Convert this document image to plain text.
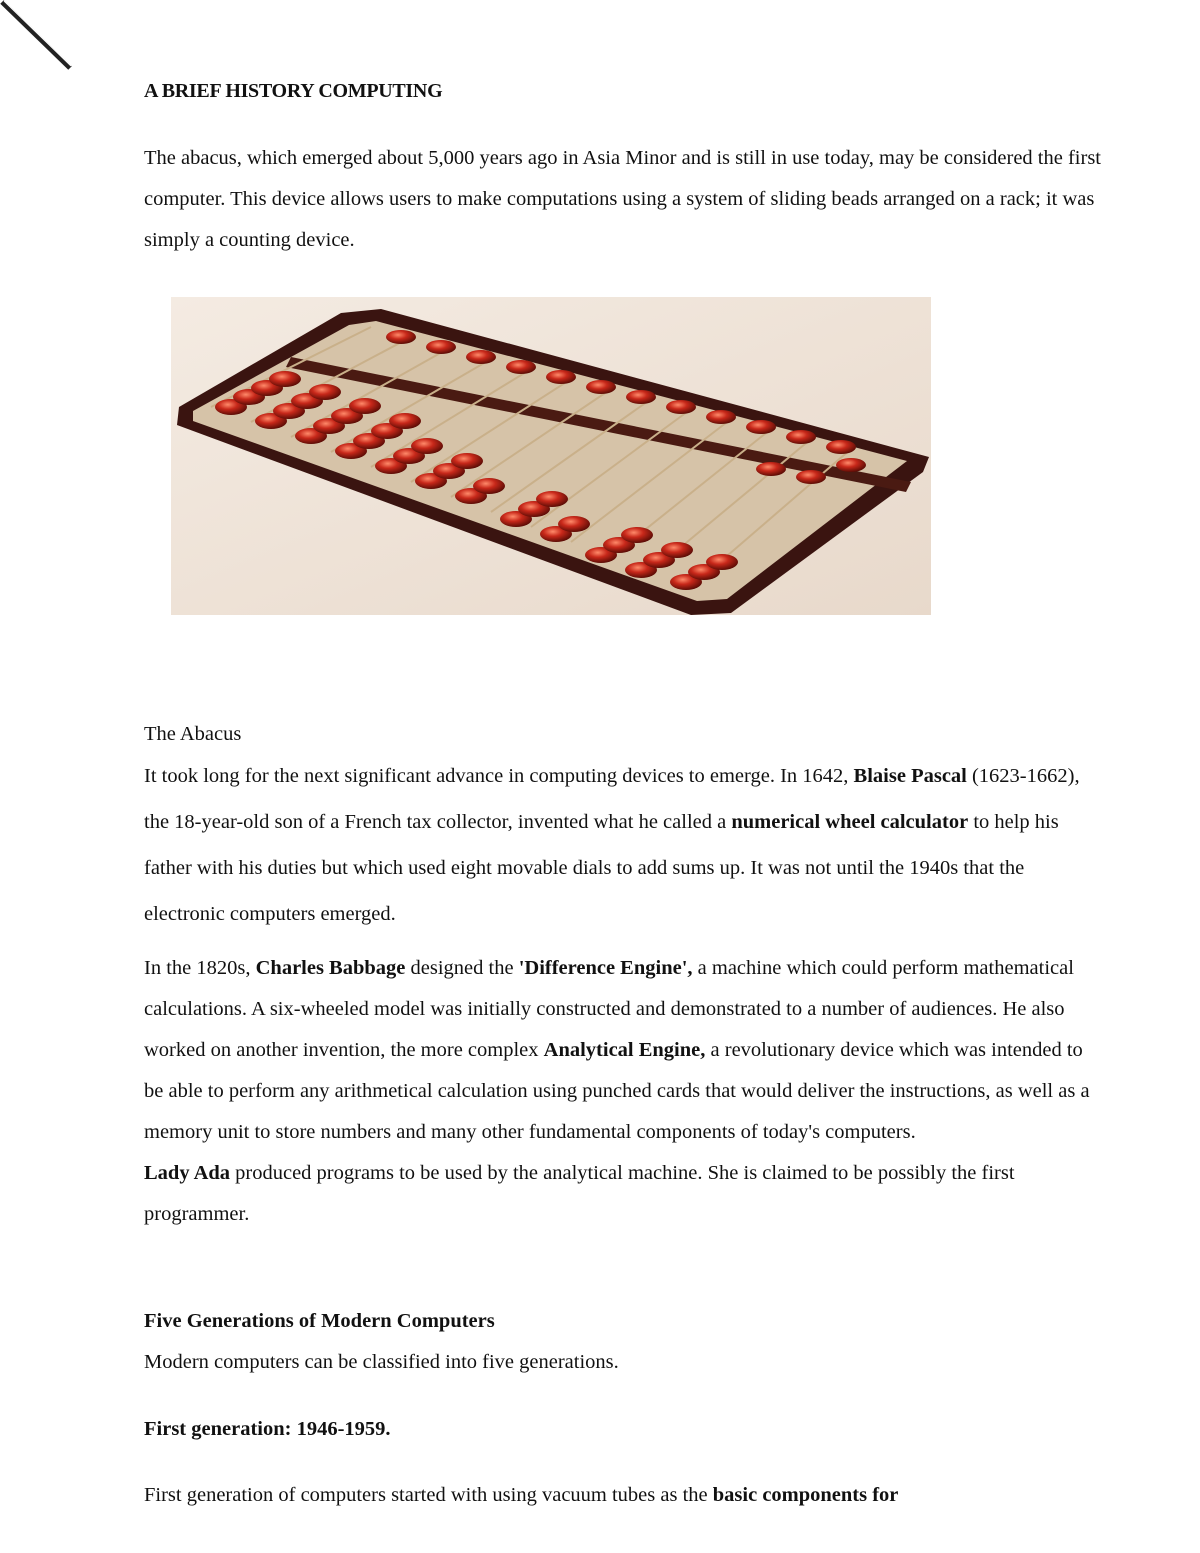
A BRIEF HISTORY COMPUTING

The abacus, which emerged about 5,000 years ago in Asia Minor and is still in use today, may be considered the first computer. This device allows users to make computations using a system of sliding beads arranged on a rack; it was simply a counting device.

The Abacus

It took long for the next significant advance in computing devices to emerge. In 1642, Blaise Pascal (1623-1662), the 18-year-old son of a French tax collector, invented what he called a numerical wheel calculator to help his father with his duties but which used eight movable dials to add sums up. It was not until the 1940s that the electronic computers emerged.

In the 1820s, Charles Babbage designed the 'Difference Engine', a machine which could perform mathematical calculations. A six-wheeled model was initially constructed and demonstrated to a number of audiences. He also worked on another invention, the more complex Analytical Engine, a revolutionary device which was intended to be able to perform any arithmetical calculation using punched cards that would deliver the instructions, as well as a memory unit to store numbers and many other fundamental components of today's computers.
Lady Ada produced programs to be used by the analytical machine. She is claimed to be possibly the first programmer.

Five Generations of Modern Computers
Modern computers can be classified into five generations.
First generation: 1946-1959.
First generation of computers started with using vacuum tubes as the basic components for
